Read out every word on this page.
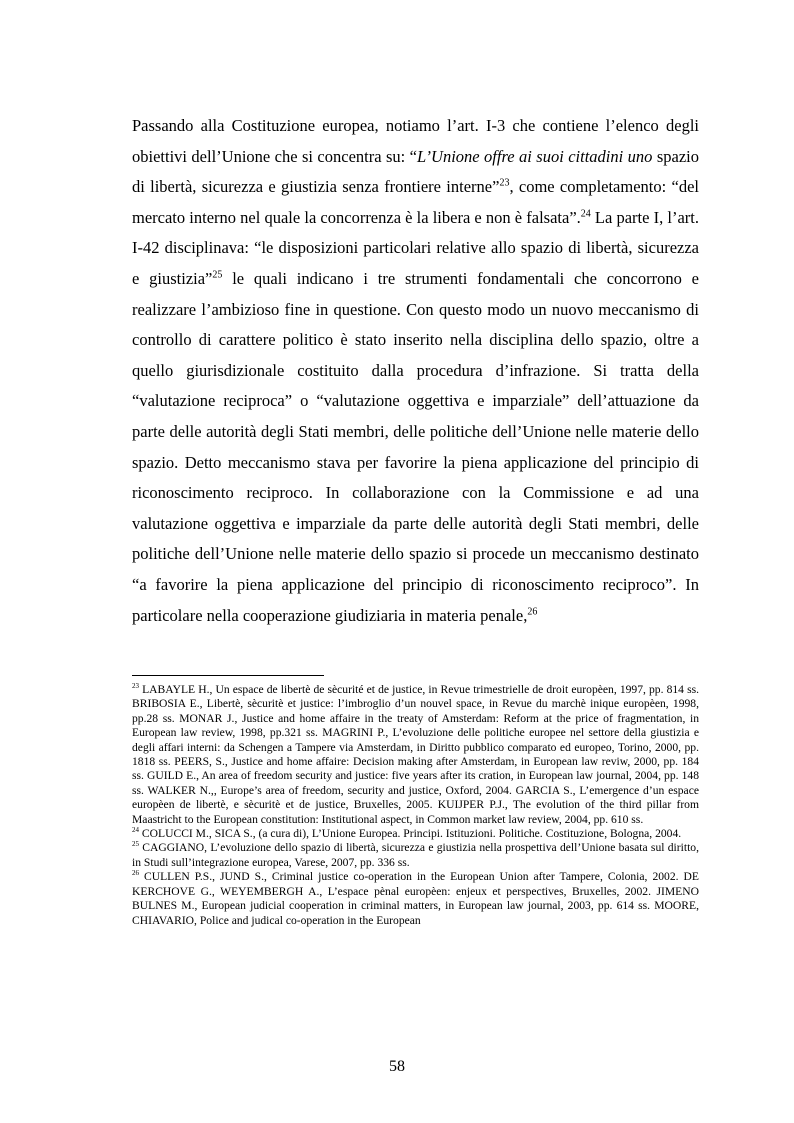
Passando alla Costituzione europea, notiamo l’art. I-3 che contiene l’elenco degli obiettivi dell’Unione che si concentra su: “L’Unione offre ai suoi cittadini uno spazio di libertà, sicurezza e giustizia senza frontiere interne”$^{23}$, come completamento: “del mercato interno nel quale la concorrenza è la libera e non è falsata”.$^{24}$ La parte I, l’art. I-42 disciplinava: “le disposizioni particolari relative allo spazio di libertà, sicurezza e giustizia”$^{25}$ le quali indicano i tre strumenti fondamentali che concorrono e realizzare l’ambizioso fine in questione. Con questo modo un nuovo meccanismo di controllo di carattere politico è stato inserito nella disciplina dello spazio, oltre a quello giurisdizionale costituito dalla procedura d’infrazione. Si tratta della “valutazione reciproca” o “valutazione oggettiva e imparziale” dell’attuazione da parte delle autorità degli Stati membri, delle politiche dell’Unione nelle materie dello spazio. Detto meccanismo stava per favorire la piena applicazione del principio di riconoscimento reciproco. In collaborazione con la Commissione e ad una valutazione oggettiva e imparziale da parte delle autorità degli Stati membri, delle politiche dell’Unione nelle materie dello spazio si procede un meccanismo destinato “a favorire la piena applicazione del principio di riconoscimento reciproco”. In particolare nella cooperazione giudiziaria in materia penale,$^{26}$

$^{23}$ LABAYLE H., Un espace de libertè de sècurité et de justice, in Revue trimestrielle de droit europèen, 1997, pp. 814 ss. BRIBOSIA E., Libertè, sècuritè et justice: l’imbroglio d’un nouvel space, in Revue du marchè inique europèen, 1998, pp.28 ss. MONAR J., Justice and home affaire in the treaty of Amsterdam: Reform at the price of fragmentation, in European law review, 1998, pp.321 ss. MAGRINI P., L’evoluzione delle politiche europee nel settore della giustizia e degli affari interni: da Schengen a Tampere via Amsterdam, in Diritto pubblico comparato ed europeo, Torino, 2000, pp. 1818 ss. PEERS, S., Justice and home affaire: Decision making after Amsterdam, in European law reviw, 2000, pp. 184 ss. GUILD E., An area of freedom security and justice: five years after its cration, in European law journal, 2004, pp. 148 ss. WALKER N.,, Europe’s area of freedom, security and justice, Oxford, 2004. GARCIA S., L’emergence d’un espace europèen de libertè, e sècuritè et de justice, Bruxelles, 2005. KUIJPER P.J., The evolution of the third pillar from Maastricht to the European constitution: Institutional aspect, in Common market law review, 2004, pp. 610 ss.

$^{24}$ COLUCCI M., SICA S., (a cura di), L’Unione Europea. Principi. Istituzioni. Politiche. Costituzione, Bologna, 2004.

$^{25}$ CAGGIANO, L’evoluzione dello spazio di libertà, sicurezza e giustizia nella prospettiva dell’Unione basata sul diritto, in Studi sull’integrazione europea, Varese, 2007, pp. 336 ss.

$^{26}$ CULLEN P.S., JUND S., Criminal justice co-operation in the European Union after Tampere, Colonia, 2002. DE KERCHOVE G., WEYEMBERGH A., L’espace pènal europèen: enjeux et perspectives, Bruxelles, 2002. JIMENO BULNES M., European judicial cooperation in criminal matters, in European law journal, 2003, pp. 614 ss. MOORE, CHIAVARIO, Police and judical co-operation in the European

58
